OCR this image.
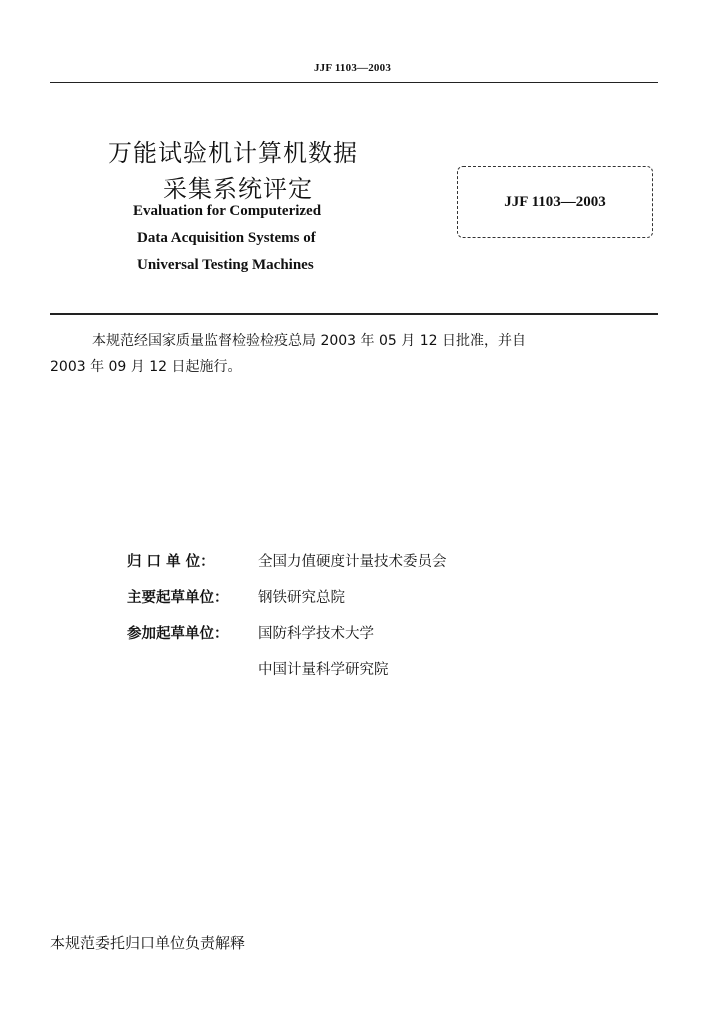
JJF 1103—2003
万能试验机计算机数据
采集系统评定
Evaluation for Computerized
Data Acquisition Systems of
Universal Testing Machines
JJF 1103—2003
本规范经国家质量监督检验检疫总局 2003 年 05 月 12 日批准，并自
2003 年 09 月 12 日起施行。
归 口 单 位：	全国力值硬度计量技术委员会
主要起草单位： 钢铁研究总院
参加起草单位： 国防科学技术大学
中国计量科学研究院
本规范委托归口单位负责解释
